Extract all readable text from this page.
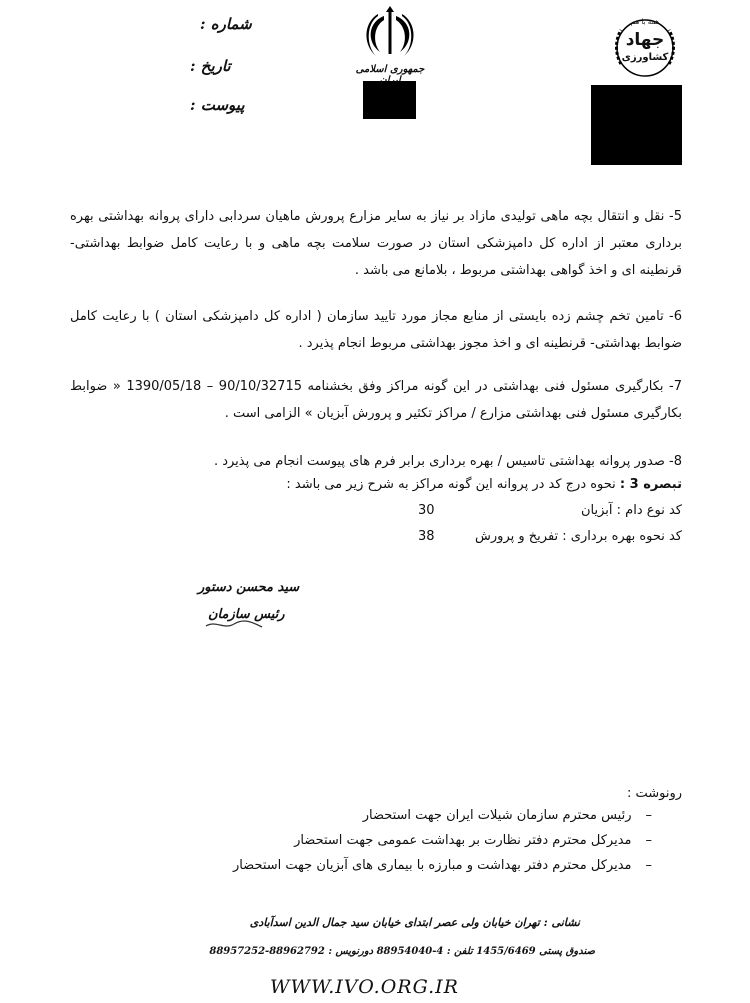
شماره :
تاریخ :
پیوست :
جمهوری اسلامی
همه با هم
جهاد
کشاورزی
5- نقل و انتقال بچه ماهی تولیدی مازاد بر نیاز به سایر مزارع پرورش ماهیان سردابی دارای پروانه بهداشتی بهره برداری معتبر از اداره کل دامپزشکی استان در صورت سلامت بچه ماهی و با رعایت کامل ضوابط بهداشتی- قرنطینه ای و اخذ گواهی بهداشتی مربوط ، بلامانع می باشد .
6- تامین تخم چشم زده بایستی از منابع مجاز مورد تایید سازمان ( اداره کل دامپزشکی استان ) با رعایت کامل ضوابط بهداشتی- قرنطینه ای و اخذ مجوز بهداشتی مربوط انجام پذیرد .
7- بکارگیری مسئول فنی بهداشتی در این گونه مراکز وفق بخشنامه 90/10/32715 – 1390/05/18 « ضوابط بکارگیری مسئول فنی بهداشتی مزارع / مراکز تکثیر و پرورش آبزیان » الزامی است .
8- صدور پروانه بهداشتی تاسیس / بهره برداری برابر فرم های پیوست انجام می پذیرد .
تبصره 3 : نحوه درج کد در پروانه این گونه مراکز به شرح زیر می باشد :
کد نوع دام : آبزیان
30
کد نحوه بهره برداری : تفریخ و پرورش
38
سید محسن دستور
رئیس سازمان
رونوشت :
–رئیس محترم سازمان شیلات ایران جهت استحضار
–مدیرکل محترم دفتر نظارت بر بهداشت عمومی جهت استحضار
–مدیرکل محترم دفتر بهداشت و مبارزه با بیماری های آبزیان جهت استحضار
نشانی : تهران خیابان ولی عصر ابتدای خیابان سید جمال الدین اسدآبادی
صندوق پستی 1455/6469 تلفن : 4-88954040 دورنویس : 88962792-88957252
WWW.IVO.ORG.IR
